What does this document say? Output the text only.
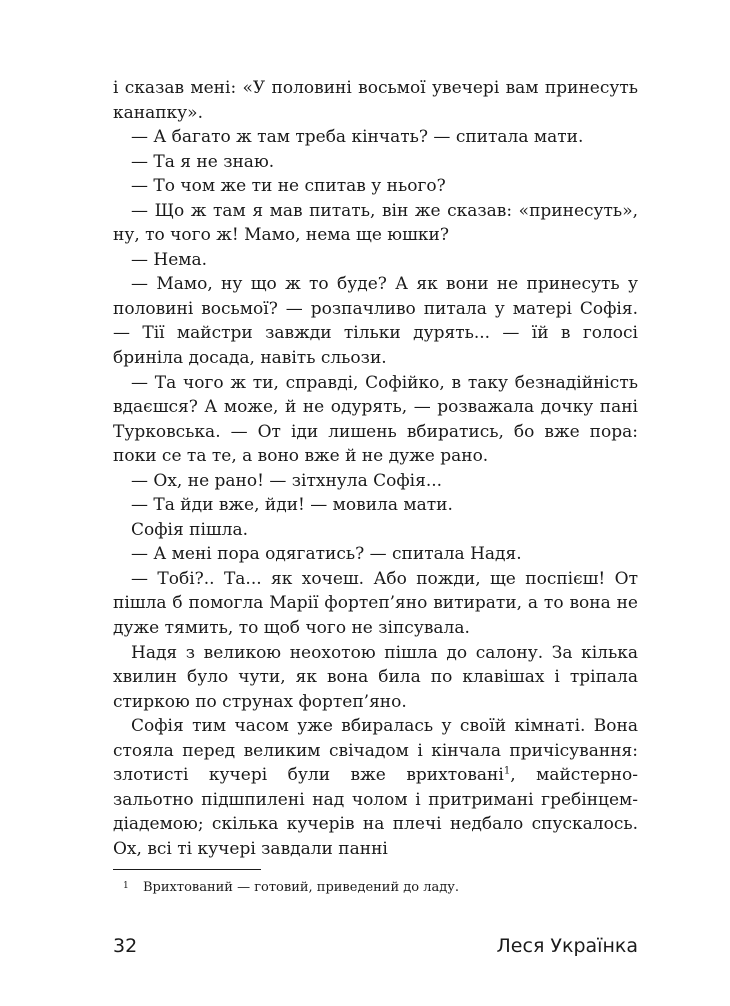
і сказав мені: «У половині восьмої увечері вам принесуть канапку».

— А багато ж там треба кінчать? — спитала мати.

— Та я не знаю.

— То чом же ти не спитав у нього?

— Що ж там я мав питать, він же сказав: «принесуть», ну, то чого ж! Мамо, нема ще юшки?

— Нема.

— Мамо, ну що ж то буде? А як вони не принесуть у половині восьмої? — розпачливо питала у матері Софія. — Тії майстри завжди тільки дурять... — їй в голосі бриніла досада, навіть сльози.

— Та чого ж ти, справді, Софійко, в таку безнадійність вдаєшся? А може, й не одурять, — розважала дочку пані Турковська. — От іди лишень вбиратись, бо вже пора: поки се та те, а воно вже й не дуже рано.

— Ох, не рано! — зітхнула Софія...

— Та йди вже, йди! — мовила мати.

Софія пішла.

— А мені пора одягатись? — спитала Надя.

— Тобі?.. Та... як хочеш. Або пожди, ще поспієш! От пішла б помогла Марії фортеп’яно витирати, а то вона не дуже тямить, то щоб чого не зіпсувала.

Надя з великою неохотою пішла до салону. За кілька хвилин було чути, як вона била по клавішах і тріпала стиркою по струнах фортеп’яно.

Софія тим часом уже вбиралась у своїй кімнаті. Вона стояла перед великим свічадом і кінчала причісування: злотисті кучері були вже врихтовані$^1$, майстерно-зальотно підшпилені над чолом і притримані гребінцем-діадемою; скілька кучерів на плечі недбало спускалось. Ох, всі ті кучері завдали панні

1 Врихтований — готовий, приведений до ладу.
32	Леся Українка
